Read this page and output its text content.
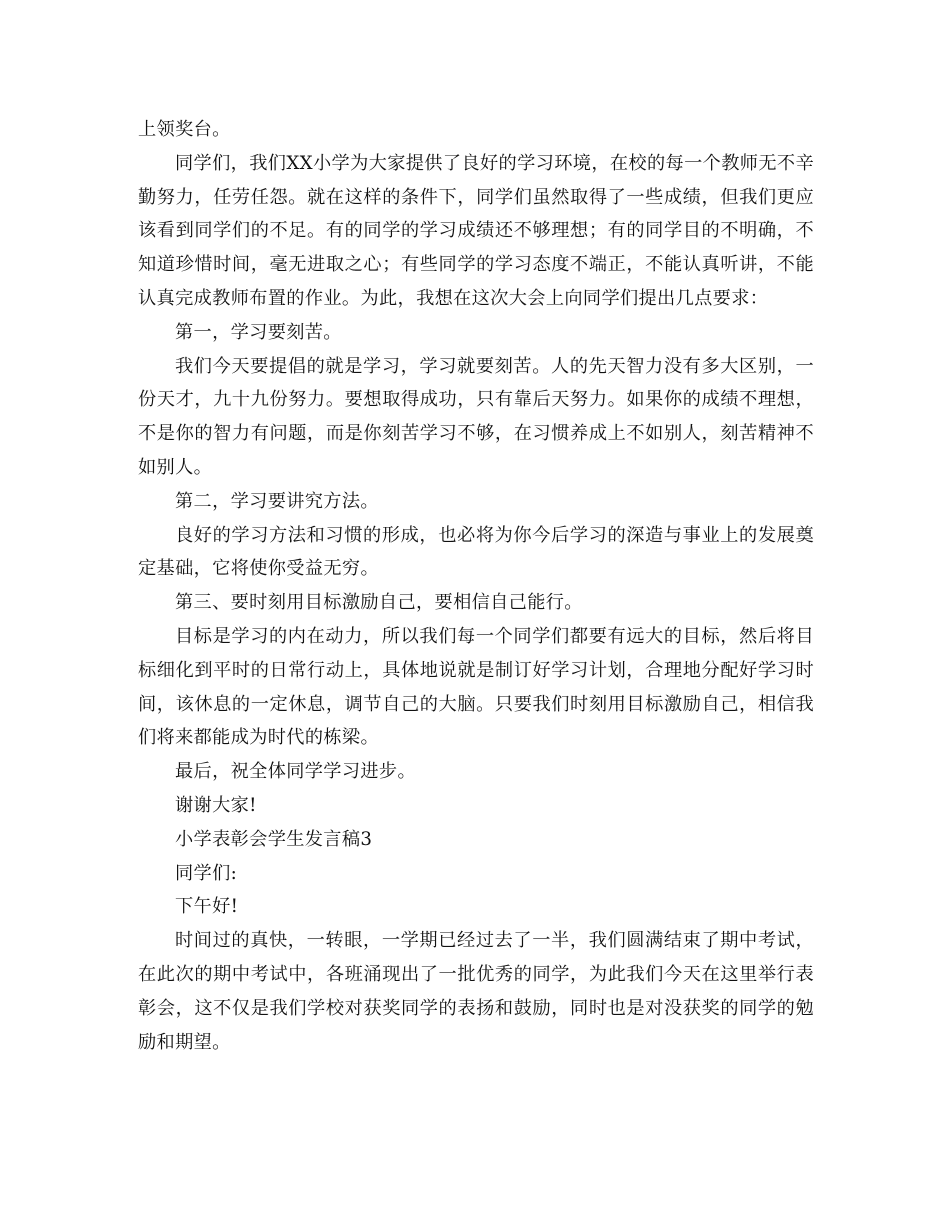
上领奖台。

同学们，我们XX小学为大家提供了良好的学习环境，在校的每一个教师无不辛勤努力，任劳任怨。就在这样的条件下，同学们虽然取得了一些成绩，但我们更应该看到同学们的不足。有的同学的学习成绩还不够理想；有的同学目的不明确，不知道珍惜时间，毫无进取之心；有些同学的学习态度不端正，不能认真听讲，不能认真完成教师布置的作业。为此，我想在这次大会上向同学们提出几点要求：

第一，学习要刻苦。

我们今天要提倡的就是学习，学习就要刻苦。人的先天智力没有多大区别，一份天才，九十九份努力。要想取得成功，只有靠后天努力。如果你的成绩不理想，不是你的智力有问题，而是你刻苦学习不够，在习惯养成上不如别人，刻苦精神不如别人。

第二，学习要讲究方法。

良好的学习方法和习惯的形成，也必将为你今后学习的深造与事业上的发展奠定基础，它将使你受益无穷。

第三、要时刻用目标激励自己，要相信自己能行。

目标是学习的内在动力，所以我们每一个同学们都要有远大的目标，然后将目标细化到平时的日常行动上，具体地说就是制订好学习计划，合理地分配好学习时间，该休息的一定休息，调节自己的大脑。只要我们时刻用目标激励自己，相信我们将来都能成为时代的栋梁。

最后，祝全体同学学习进步。

谢谢大家!

小学表彰会学生发言稿3

同学们:

下午好!

时间过的真快，一转眼，一学期已经过去了一半，我们圆满结束了期中考试，在此次的期中考试中，各班涌现出了一批优秀的同学，为此我们今天在这里举行表彰会，这不仅是我们学校对获奖同学的表扬和鼓励，同时也是对没获奖的同学的勉励和期望。
